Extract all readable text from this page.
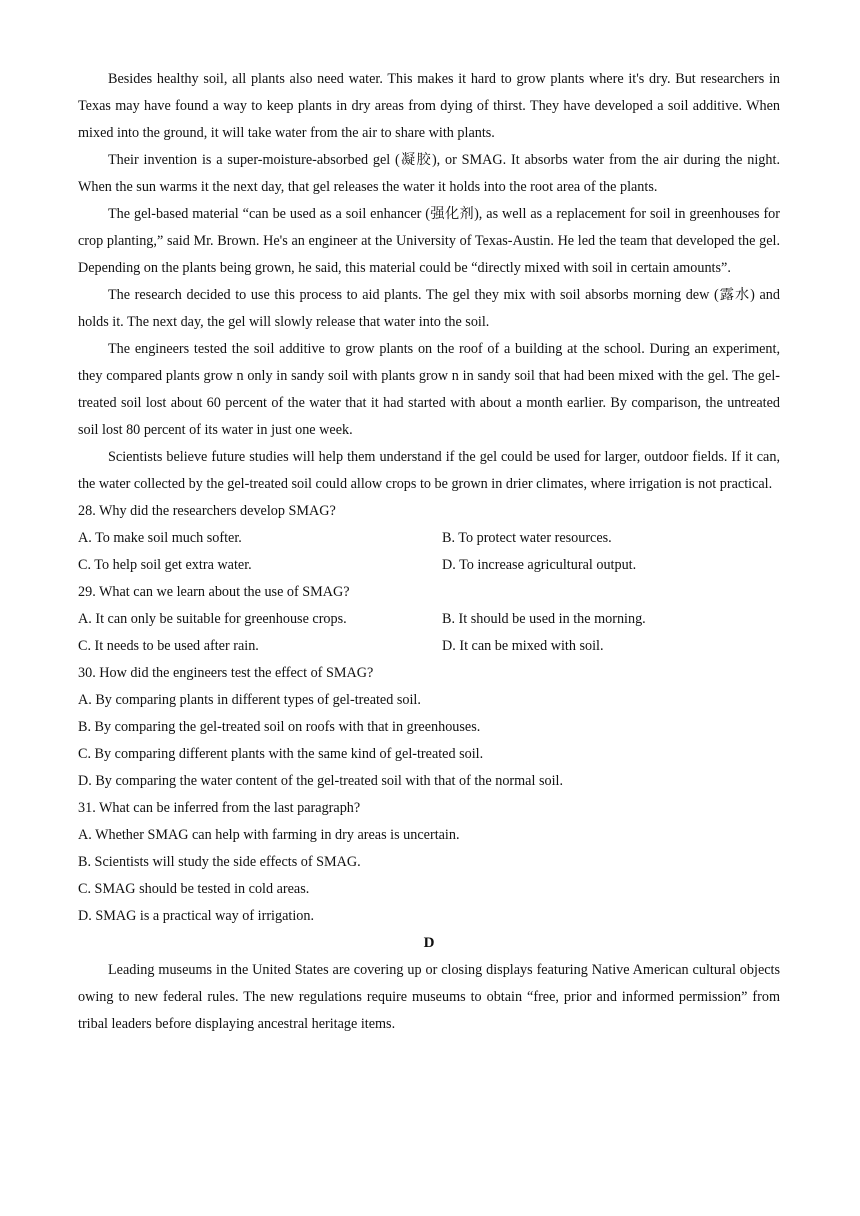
Besides healthy soil, all plants also need water. This makes it hard to grow plants where it's dry. But researchers in Texas may have found a way to keep plants in dry areas from dying of thirst. They have developed a soil additive. When mixed into the ground, it will take water from the air to share with plants.

Their invention is a super-moisture-absorbed gel (凝胶), or SMAG. It absorbs water from the air during the night. When the sun warms it the next day, that gel releases the water it holds into the root area of the plants.

The gel-based material “can be used as a soil enhancer (强化剂), as well as a replacement for soil in greenhouses for crop planting,” said Mr. Brown. He's an engineer at the University of Texas-Austin. He led the team that developed the gel. Depending on the plants being grown, he said, this material could be “directly mixed with soil in certain amounts”.

The research decided to use this process to aid plants. The gel they mix with soil absorbs morning dew (露水) and holds it. The next day, the gel will slowly release that water into the soil.

The engineers tested the soil additive to grow plants on the roof of a building at the school. During an experiment, they compared plants grow n only in sandy soil with plants grow n in sandy soil that had been mixed with the gel. The gel-treated soil lost about 60 percent of the water that it had started with about a month earlier. By comparison, the untreated soil lost 80 percent of its water in just one week.

Scientists believe future studies will help them understand if the gel could be used for larger, outdoor fields. If it can, the water collected by the gel-treated soil could allow crops to be grown in drier climates, where irrigation is not practical.

28. Why did the researchers develop SMAG?

A. To make soil much softer.	B. To protect water resources.
C. To help soil get extra water.	D. To increase agricultural output.

29. What can we learn about the use of SMAG?

A. It can only be suitable for greenhouse crops.	B. It should be used in the morning.
C. It needs to be used after rain.	D. It can be mixed with soil.

30. How did the engineers test the effect of SMAG?

A. By comparing plants in different types of gel-treated soil.

B. By comparing the gel-treated soil on roofs with that in greenhouses.

C. By comparing different plants with the same kind of gel-treated soil.

D. By comparing the water content of the gel-treated soil with that of the normal soil.

31. What can be inferred from the last paragraph?

A. Whether SMAG can help with farming in dry areas is uncertain.

B. Scientists will study the side effects of SMAG.

C. SMAG should be tested in cold areas.

D. SMAG is a practical way of irrigation.

D

Leading museums in the United States are covering up or closing displays featuring Native American cultural objects owing to new federal rules. The new regulations require museums to obtain “free, prior and informed permission” from tribal leaders before displaying ancestral heritage items.
